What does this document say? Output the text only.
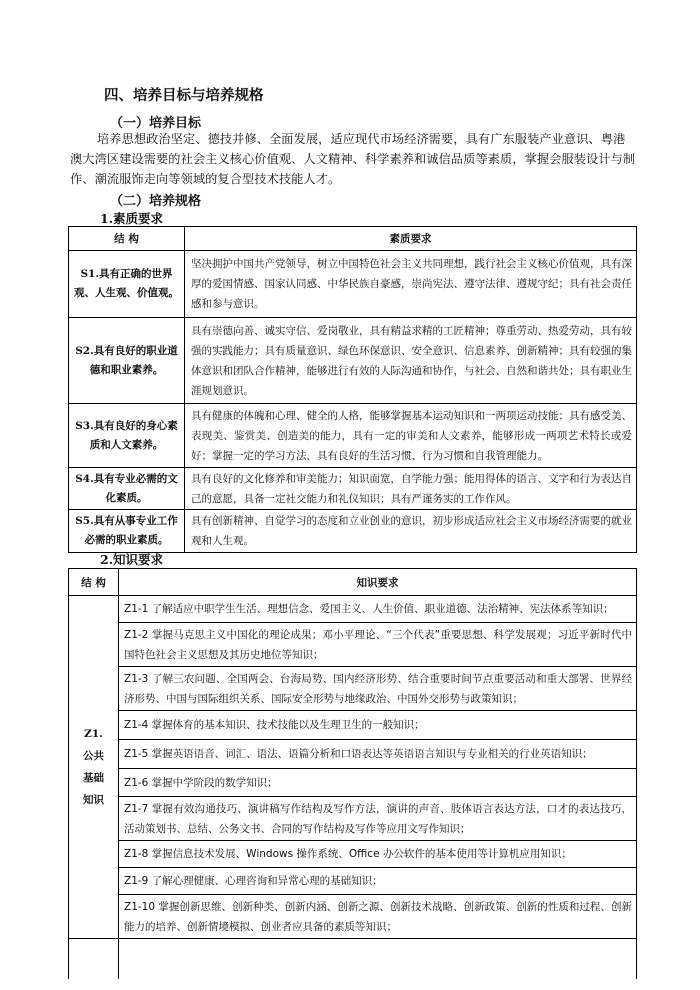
四、培养目标与培养规格
（一）培养目标
培养思想政治坚定、德技并修、全面发展，适应现代市场经济需要，具有广东服装产业意识、粤港澳大湾区建设需要的社会主义核心价值观、人文精神、科学素养和诚信品质等素质，掌握会服装设计与制作、潮流服饰走向等领域的复合型技术技能人才。
（二）培养规格
1.素质要求
结 构	素质要求
S1.具有正确的世界观、人生观、价值观。	坚决拥护中国共产党领导，树立中国特色社会主义共同理想，践行社会主义核心价值观，具有深厚的爱国情感、国家认同感、中华民族自豪感，崇尚宪法、遵守法律、遵规守纪；具有社会责任感和参与意识。
S2.具有良好的职业道德和职业素养。	具有崇德向善、诚实守信、爱岗敬业，具有精益求精的工匠精神；尊重劳动、热爱劳动，具有较强的实践能力；具有质量意识、绿色环保意识、安全意识、信息素养、创新精神；具有较强的集体意识和团队合作精神，能够进行有效的人际沟通和协作，与社会、自然和谐共处；具有职业生涯规划意识。
S3.具有良好的身心素质和人文素养。	具有健康的体魄和心理、健全的人格，能够掌握基本运动知识和一两项运动技能；具有感受美、表现美、鉴赏美、创造美的能力，具有一定的审美和人文素养，能够形成一两项艺术特长或爱好；掌握一定的学习方法，具有良好的生活习惯、行为习惯和自我管理能力。
S4.具有专业必需的文化素质。	具有良好的文化修养和审美能力；知识面宽，自学能力强；能用得体的语言、文字和行为表达自己的意愿，具备一定社交能力和礼仪知识；具有严谨务实的工作作风。
S5.具有从事专业工作必需的职业素质。	具有创新精神、自觉学习的态度和立业创业的意识，初步形成适应社会主义市场经济需要的就业观和人生观。
2.知识要求
结 构	知识要求
Z1.公共基础知识	Z1-1 了解适应中职学生生活、理想信念、爱国主义、人生价值、职业道德、法治精神、宪法体系等知识；
	Z1-2 掌握马克思主义中国化的理论成果；邓小平理论、“三个代表”重要思想、科学发展观；习近平新时代中国特色社会主义思想及其历史地位等知识；
	Z1-3 了解三农问题、全国两会、台海局势、国内经济形势、结合重要时间节点重要活动和重大部署、世界经济形势、中国与国际组织关系、国际安全形势与地缘政治、中国外交形势与政策知识；
	Z1-4 掌握体育的基本知识、技术技能以及生理卫生的一般知识；
	Z1-5 掌握英语语音、词汇、语法、语篇分析和口语表达等英语语言知识与专业相关的行业英语知识；
	Z1-6 掌握中学阶段的数学知识；
	Z1-7 掌握有效沟通技巧、演讲稿写作结构及写作方法，演讲的声音、肢体语言表达方法，口才的表达技巧，活动策划书、总结、公务文书、合同的写作结构及写作等应用文写作知识；
	Z1-8 掌握信息技术发展、Windows 操作系统、Office 办公软件的基本使用等计算机应用知识；
	Z1-9 了解心理健康、心理咨询和异常心理的基础知识；
	Z1-10 掌握创新思维、创新种类、创新内涵、创新之源、创新技术战略、创新政策、创新的性质和过程、创新能力的培养、创新情境模拟、创业者应具备的素质等知识；
